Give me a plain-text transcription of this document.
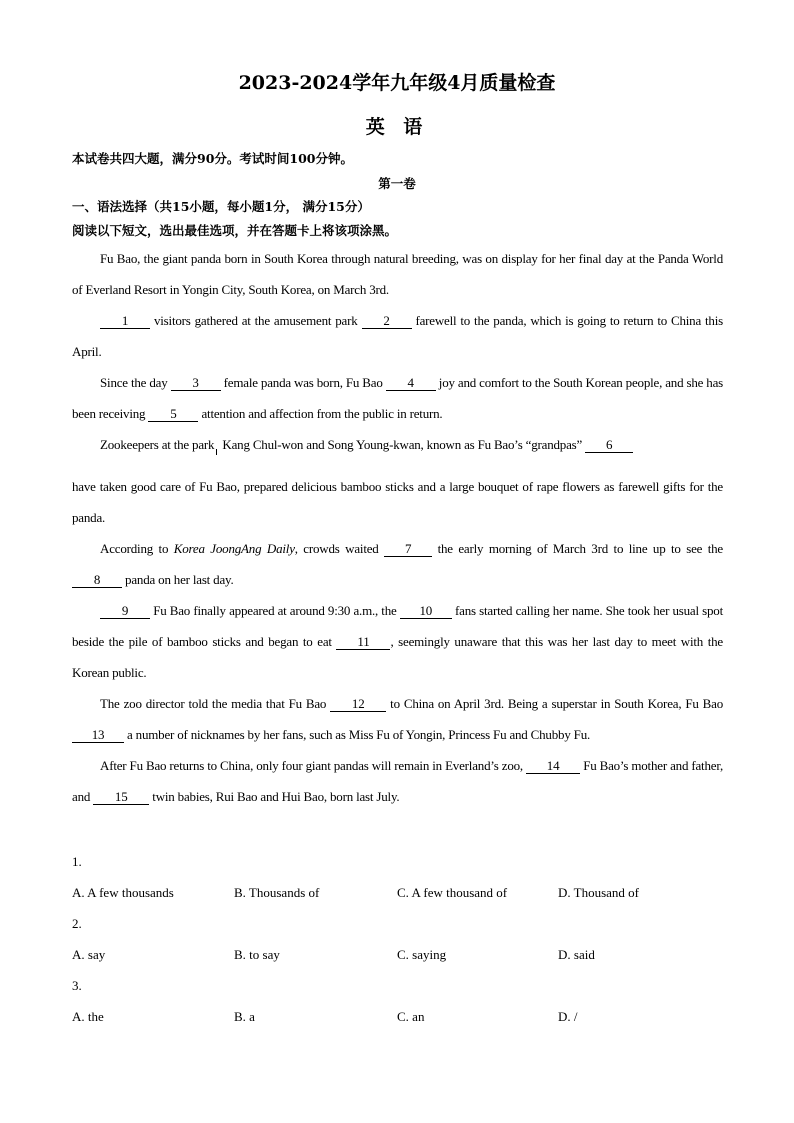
2023-2024学年九年级4月质量检查
英 语
本试卷共四大题，满分90分。考试时间100分钟。
第一卷
一、语法选择（共15小题，每小题1分， 满分15分）
阅读以下短文，选出最佳选项，并在答题卡上将该项涂黑。

Fu Bao, the giant panda born in South Korea through natural breeding, was on display for her final day at the Panda World of Everland Resort in Yongin City, South Korea, on March 3rd.

1 visitors gathered at the amusement park 2 farewell to the panda, which is going to return to China this April.

Since the day 3 female panda was born, Fu Bao 4 joy and comfort to the South Korean people, and she has been receiving 5 attention and affection from the public in return.

Zookeepers at the park Kang Chul-won and Song Young-kwan, known as Fu Bao’s “grandpas” 6
have taken good care of Fu Bao, prepared delicious bamboo sticks and a large bouquet of rape flowers as farewell gifts for the panda.

According to Korea JoongAng Daily, crowds waited 7 the early morning of March 3rd to line up to see the 8 panda on her last day.

9 Fu Bao finally appeared at around 9:30 a.m., the 10 fans started calling her name. She took her usual spot beside the pile of bamboo sticks and began to eat 11 , seemingly unaware that this was her last day to meet with the Korean public.

The zoo director told the media that Fu Bao 12 to China on April 3rd. Being a superstar in South Korea, Fu Bao 13 a number of nicknames by her fans, such as Miss Fu of Yongin, Princess Fu and Chubby Fu.

After Fu Bao returns to China, only four giant pandas will remain in Everland’s zoo, 14 Fu Bao’s mother and father, and 15 twin babies, Rui Bao and Hui Bao, born last July.

1.
A. A few thousands	B. Thousands of	C. A few thousand of	D. Thousand of
2.
A. say	B. to say	C. saying	D. said
3.
A. the	B. a	C. an	D. /
